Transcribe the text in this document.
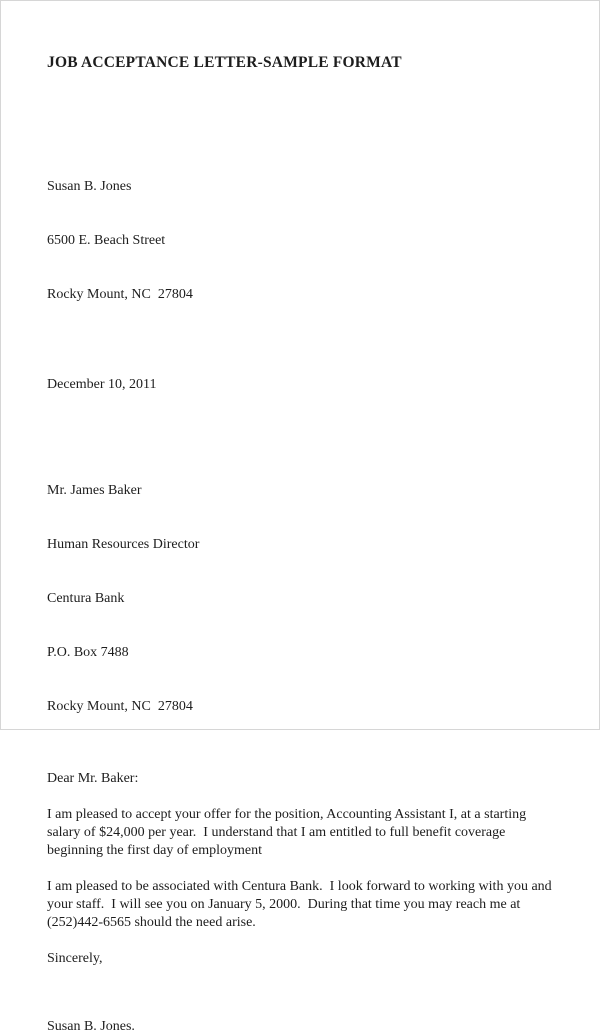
JOB ACCEPTANCE LETTER-SAMPLE FORMAT

Susan B. Jones

6500 E. Beach Street

Rocky Mount, NC  27804

December 10, 2011

Mr. James Baker

Human Resources Director

Centura Bank

P.O. Box 7488

Rocky Mount, NC  27804

Dear Mr. Baker:

I am pleased to accept your offer for the position, Accounting Assistant I, at a starting salary of $24,000 per year.  I understand that I am entitled to full benefit coverage beginning the first day of employment

I am pleased to be associated with Centura Bank.  I look forward to working with you and your staff.  I will see you on January 5, 2000.  During that time you may reach me at (252)442-6565 should the need arise.

Sincerely,
Susan B. Jones.
